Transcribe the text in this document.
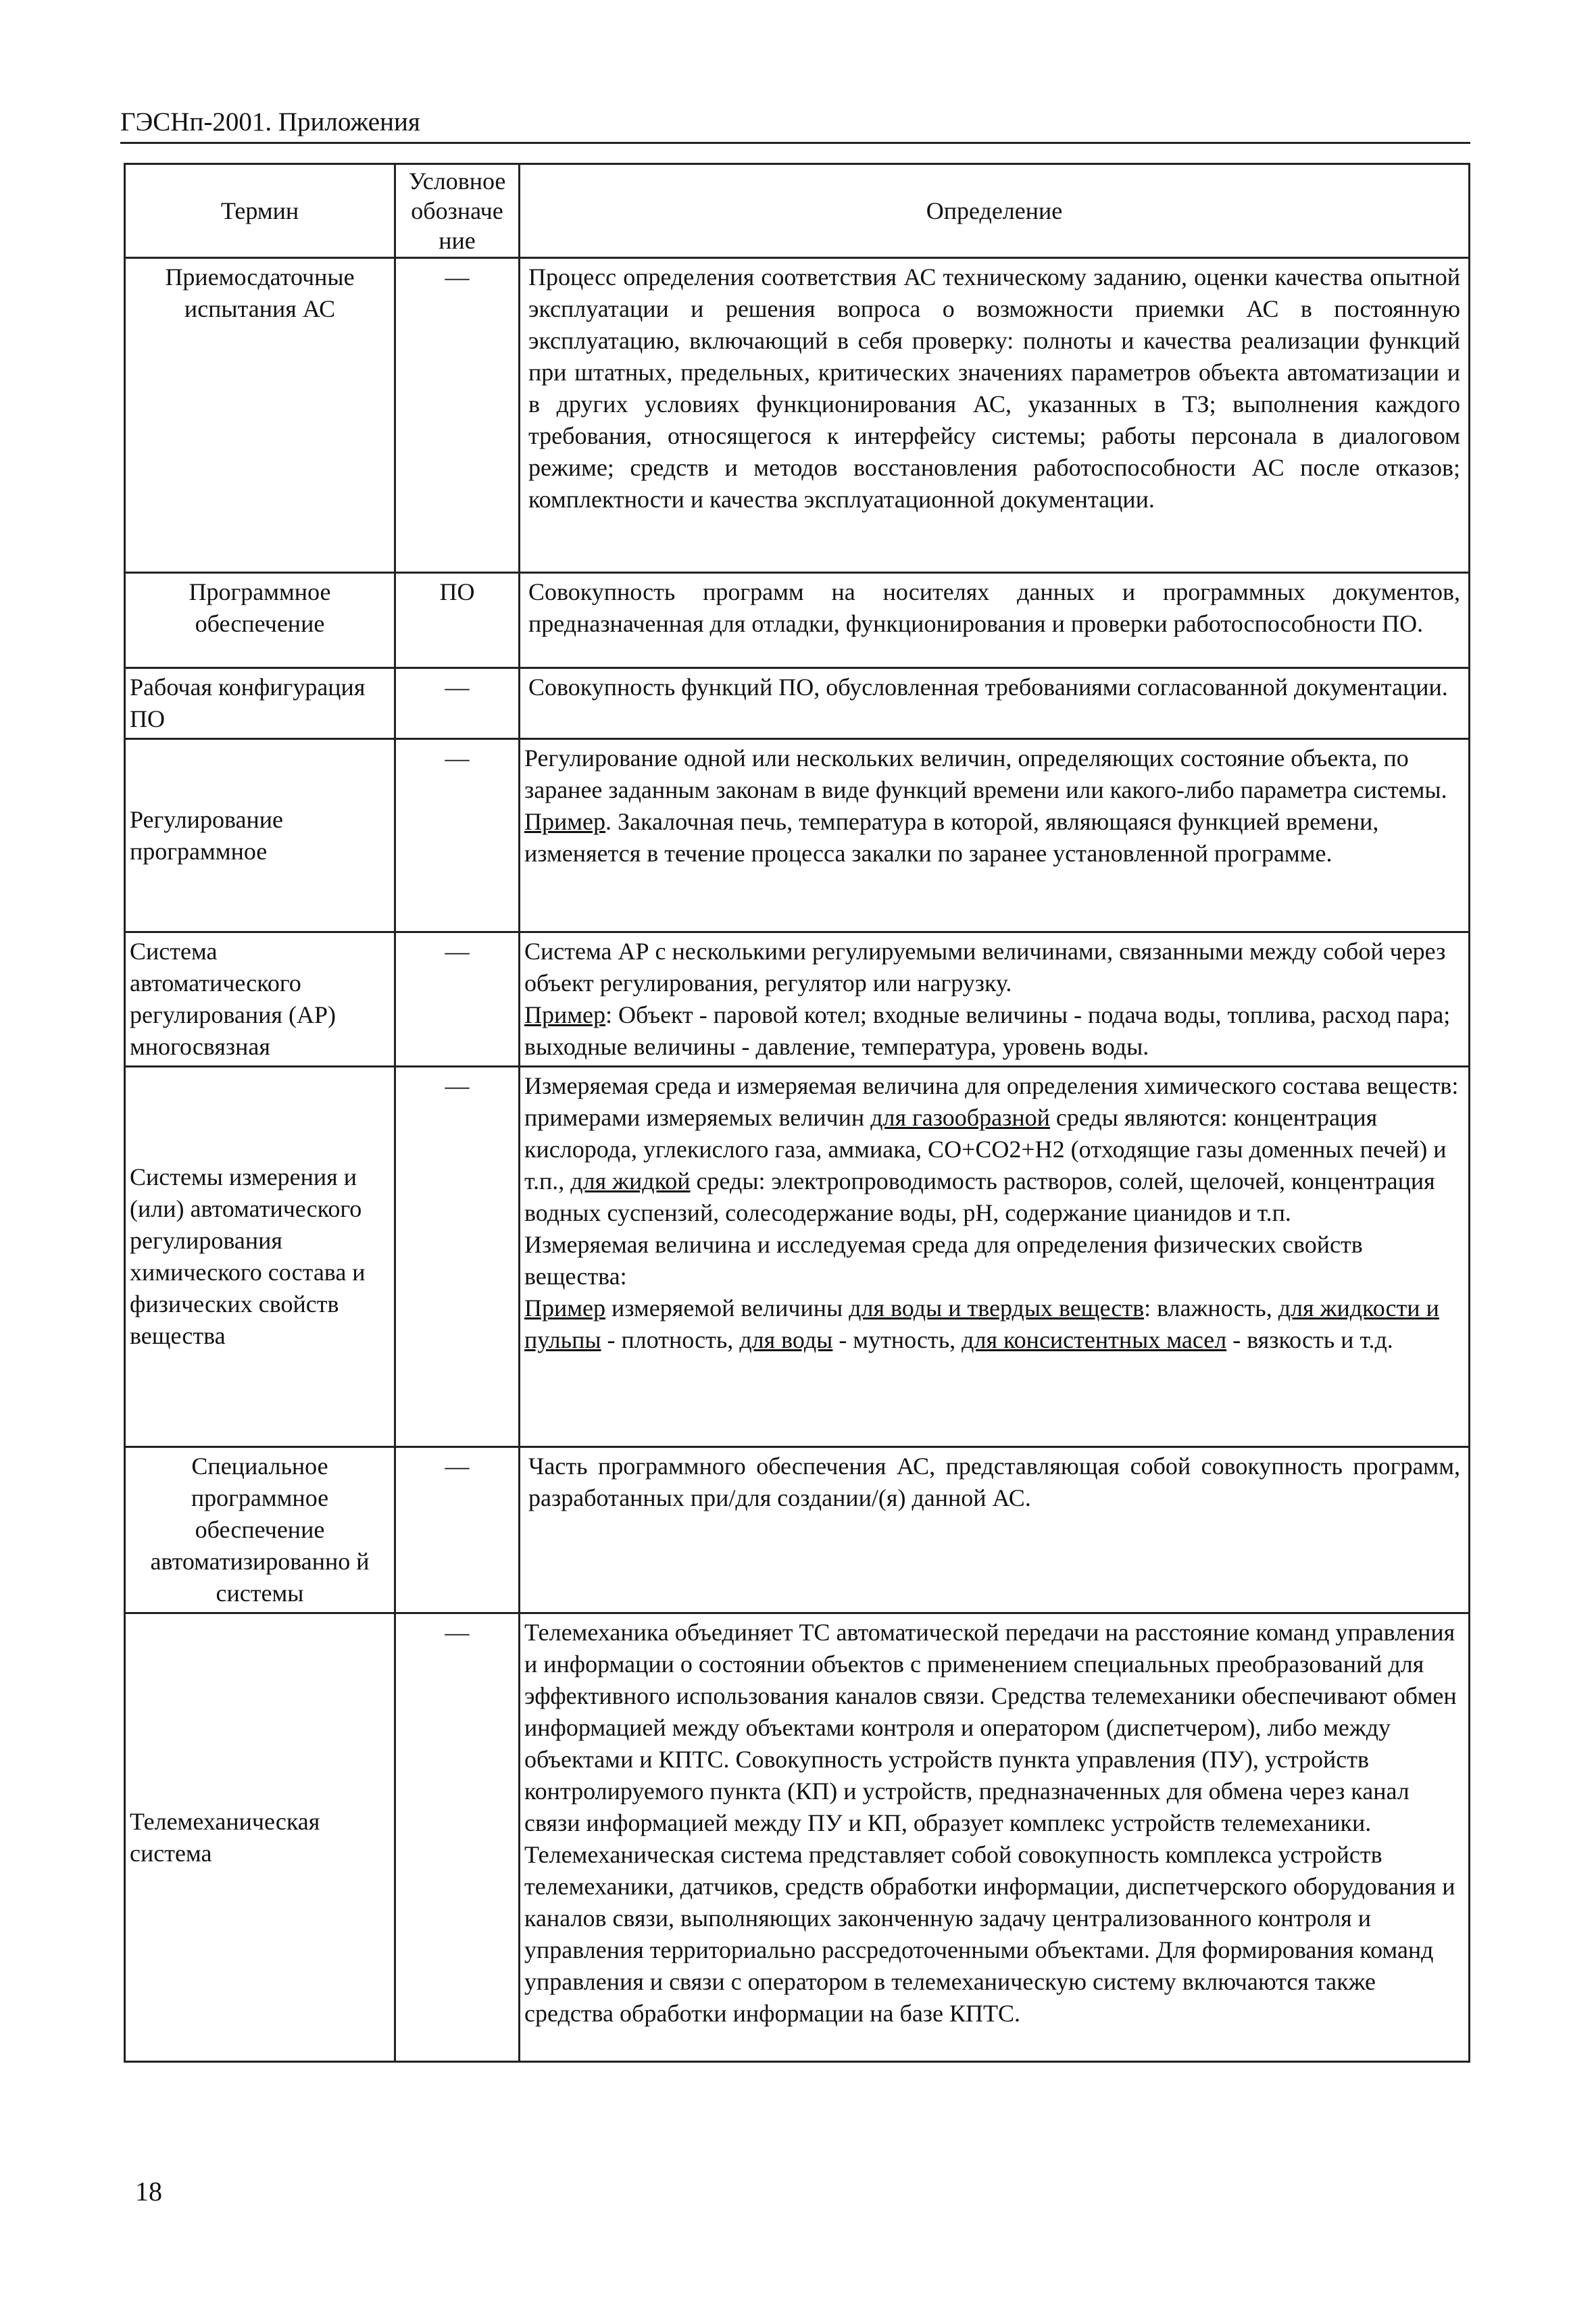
ГЭСНп-2001. Приложения
Термин	Условное обозначе ние	Определение
Приемосдаточные испытания АС	—	Процесс определения соответствия АС техническому заданию, оценки качества опытной эксплуатации и решения вопроса о возможности приемки АС в постоянную эксплуатацию, включающий в себя проверку: полноты и качества реализации функций при штатных, предельных, критических значениях параметров объекта автоматизации и в других условиях функционирования АС, указанных в ТЗ; выполнения каждого требования, относящегося к интерфейсу системы; работы персонала в диалоговом режиме; средств и методов восстановления работоспособности АС после отказов; комплектности и качества эксплуатационной документации.
Программное обеспечение	ПО	Совокупность программ на носителях данных и программных документов, предназначенная для отладки, функционирования и проверки работоспособности ПО.
Рабочая конфигурация ПО	—	Совокупность функций ПО, обусловленная требованиями согласованной документации.
Регулирование программное	—	Регулирование одной или нескольких величин, определяющих состояние объекта, по заранее заданным законам в виде функций времени или какого-либо параметра системы.
Пример. Закалочная печь, температура в которой, являющаяся функцией времени, изменяется в течение процесса закалки по заранее установленной программе.
Система автоматического регулирования (АР) многосвязная	—	Система АР с несколькими регулируемыми величинами, связанными между собой через объект регулирования, регулятор или нагрузку.
Пример: Объект - паровой котел; входные величины - подача воды, топлива, расход пара; выходные величины - давление, температура, уровень воды.
Системы измерения и (или) автоматического регулирования химического состава и физических свойств вещества	—	Измеряемая среда и измеряемая величина для определения химического состава веществ:
примерами измеряемых величин для газообразной среды являются: концентрация кислорода, углекислого газа, аммиака, CO+CO2+H2 (отходящие газы доменных печей) и т.п., для жидкой среды: электропроводимость растворов, солей, щелочей, концентрация водных суспензий, солесодержание воды, pH, содержание цианидов и т.п.
Измеряемая величина и исследуемая среда для определения физических свойств вещества:
Пример измеряемой величины для воды и твердых веществ: влажность, для жидкости и пульпы - плотность, для воды - мутность, для консистентных масел - вязкость и т.д.
Специальное программное обеспечение автоматизированно й системы	—	Часть программного обеспечения АС, представляющая собой совокупность программ, разработанных при/для создании/(я) данной АС.
Телемеханическая система	—	Телемеханика объединяет ТС автоматической передачи на расстояние команд управления и информации о состоянии объектов с применением специальных преобразований для эффективного использования каналов связи. Средства телемеханики обеспечивают обмен информацией между объектами контроля и оператором (диспетчером), либо между объектами и КПТС. Совокупность устройств пункта управления (ПУ), устройств контролируемого пункта (КП) и устройств, предназначенных для обмена через канал связи информацией между ПУ и КП, образует комплекс устройств телемеханики. Телемеханическая система представляет собой совокупность комплекса устройств телемеханики, датчиков, средств обработки информации, диспетчерского оборудования и каналов связи, выполняющих законченную задачу централизованного контроля и управления территориально рассредоточенными объектами. Для формирования команд управления и связи с оператором в телемеханическую систему включаются также средства обработки информации на базе КПТС.
18
